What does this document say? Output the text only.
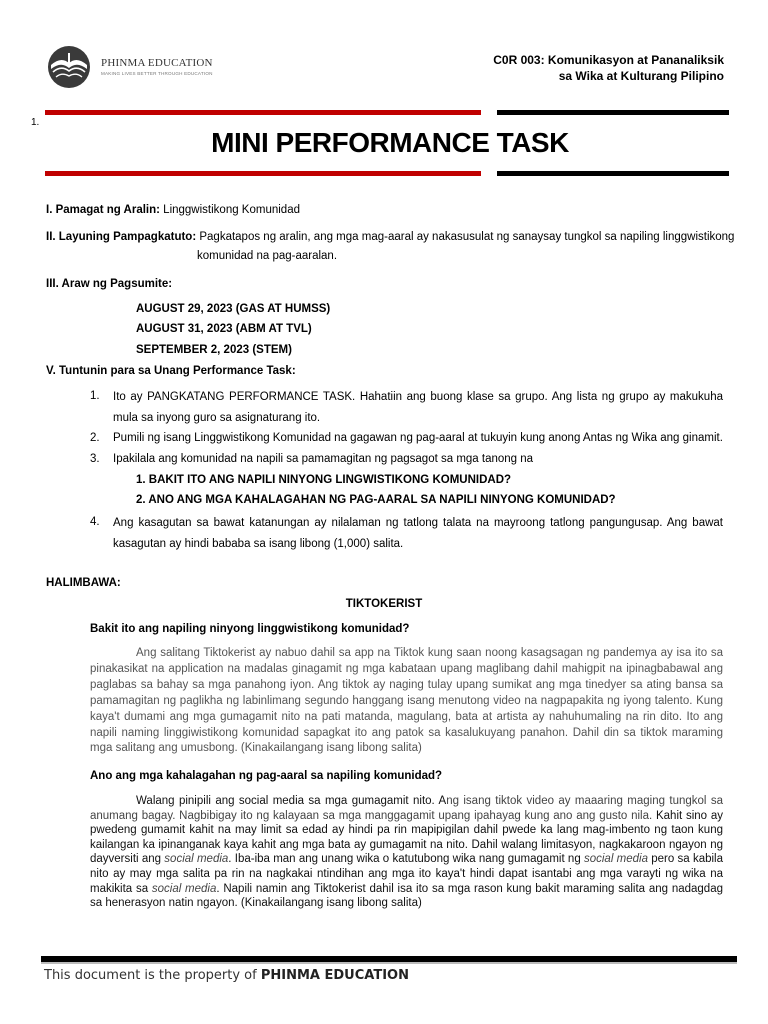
PHINMA EDUCATION
MAKING LIVES BETTER THROUGH EDUCATION
C0R 003: Komunikasyon at Pananaliksik
sa Wika at Kulturang Pilipino
1.
MINI PERFORMANCE TASK
I. Pamagat ng Aralin: Linggwistikong Komunidad
II. Layuning Pampagkatuto: Pagkatapos ng aralin, ang mga mag-aaral ay nakasusulat ng sanaysay tungkol sa napiling linggwistikong
komunidad na pag-aaralan.
III. Araw ng Pagsumite:
AUGUST 29, 2023 (GAS AT HUMSS)
AUGUST 31, 2023 (ABM AT TVL)
SEPTEMBER 2, 2023 (STEM)
V. Tuntunin para sa Unang Performance Task:
1.	Ito ay PANGKATANG PERFORMANCE TASK. Hahatiin ang buong klase sa grupo. Ang lista ng grupo ay makukuha mula sa inyong guro sa asignaturang ito.
2.	Pumili ng isang Linggwistikong Komunidad na gagawan ng pag-aaral at tukuyin kung anong Antas ng Wika ang ginamit.
3.	Ipakilala ang komunidad na napili sa pamamagitan ng pagsagot sa mga tanong na
1. BAKIT ITO ANG NAPILI NINYONG LINGWISTIKONG KOMUNIDAD?
2. ANO ANG MGA KAHALAGAHAN NG PAG-AARAL SA NAPILI NINYONG KOMUNIDAD?
4.	Ang kasagutan sa bawat katanungan ay nilalaman ng tatlong talata na mayroong tatlong pangungusap. Ang bawat kasagutan ay hindi bababa sa isang libong (1,000) salita.
HALIMBAWA:
TIKTOKERIST
Bakit ito ang napiling ninyong linggwistikong komunidad?

Ang salitang Tiktokerist ay nabuo dahil sa app na Tiktok kung saan noong kasagsagan ng pandemya ay isa ito sa pinakasikat na application na madalas ginagamit ng mga kabataan upang maglibang dahil mahigpit na ipinagbabawal ang paglabas sa bahay sa mga panahong iyon. Ang tiktok ay naging tulay upang sumikat ang mga tinedyer sa ating bansa sa pamamagitan ng paglikha ng labinlimang segundo hanggang isang menutong video na nagpapakita ng iyong talento. Kung kaya't dumami ang mga gumagamit nito na pati matanda, magulang, bata at artista ay nahuhumaling na rin dito. Ito ang napili naming linggiwistikong komunidad sapagkat ito ang patok sa kasalukuyang panahon. Dahil din sa tiktok maraming mga salitang ang umusbong. (Kinakailangang isang libong salita)

Ano ang mga kahalagahan ng pag-aaral sa napiling komunidad?

Walang pinipili ang social media sa mga gumagamit nito. Ang isang tiktok video ay maaaring maging tungkol sa anumang bagay. Nagbibigay ito ng kalayaan sa mga manggagamit upang ipahayag kung ano ang gusto nila. Kahit sino ay pwedeng gumamit kahit na may limit sa edad ay hindi pa rin mapipigilan dahil pwede ka lang mag-imbento ng taon kung kailangan ka ipinanganak kaya kahit ang mga bata ay gumagamit na nito. Dahil walang limitasyon, nagkakaroon ngayon ng dayversiti ang social media. Iba-iba man ang unang wika o katutubong wika nang gumagamit ng social media pero sa kabila nito ay may mga salita pa rin na nagkakai ntindihan ang mga ito kaya't hindi dapat isantabi ang mga varayti ng wika na makikita sa social media. Napili namin ang Tiktokerist dahil isa ito sa mga rason kung bakit maraming salita ang nadagdag sa henerasyon natin ngayon. (Kinakailangang isang libong salita)

This document is the property of PHINMA EDUCATION
